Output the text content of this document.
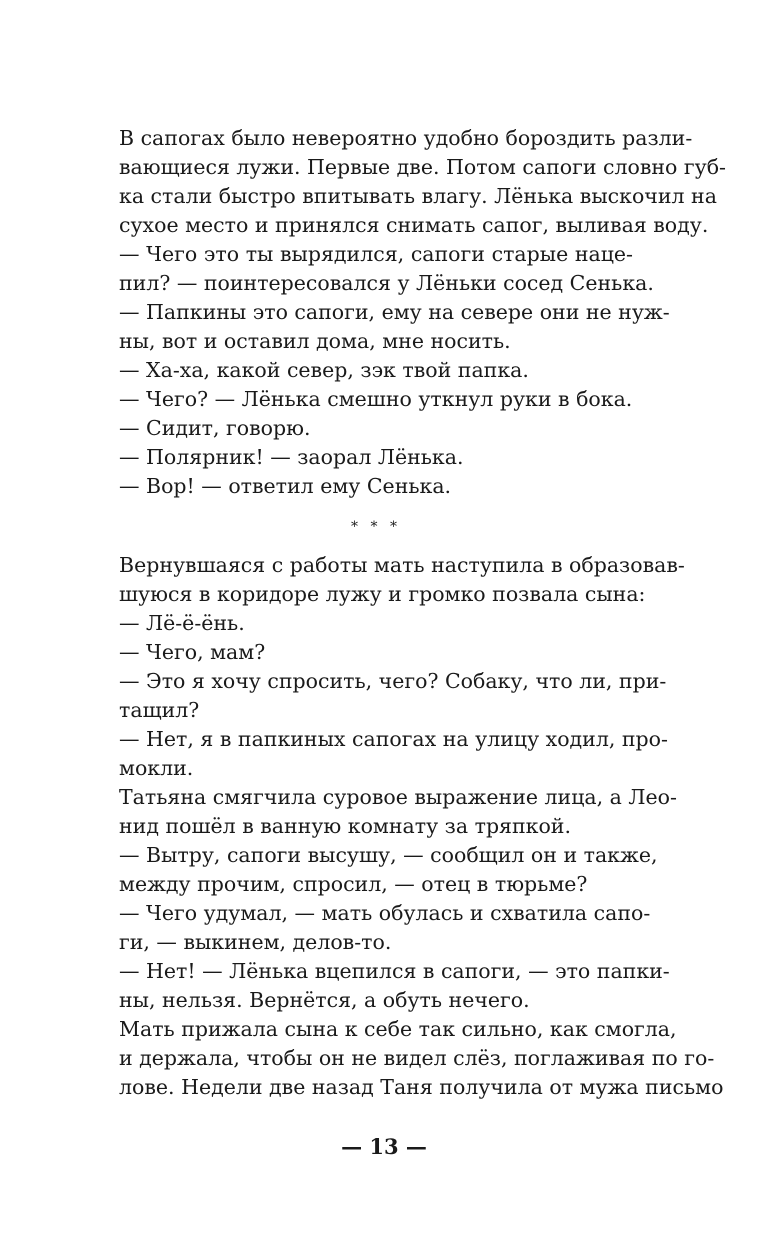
В сапогах было невероятно удобно бороздить разли-
вающиеся лужи. Первые две. Потом сапоги словно губ-
ка стали быстро впитывать влагу. Лёнька выскочил на
сухое место и принялся снимать сапог, выливая воду.
— Чего это ты вырядился, сапоги старые наце-
пил? — поинтересовался у Лёньки сосед Сенька.
— Папкины это сапоги, ему на севере они не нуж-
ны, вот и оставил дома, мне носить.
— Ха-ха, какой север, зэк твой папка.
— Чего? — Лёнька смешно уткнул руки в бока.
— Сидит, говорю.
— Полярник! — заорал Лёнька.
— Вор! — ответил ему Сенька.
* * *
Вернувшаяся с работы мать наступила в образовав-
шуюся в коридоре лужу и громко позвала сына:
— Лё-ё-ёнь.
— Чего, мам?
— Это я хочу спросить, чего? Собаку, что ли, при-
тащил?
— Нет, я в папкиных сапогах на улицу ходил, про-
мокли.
Татьяна смягчила суровое выражение лица, а Лео-
нид пошёл в ванную комнату за тряпкой.
— Вытру, сапоги высушу, — сообщил он и также,
между прочим, спросил, — отец в тюрьме?
— Чего удумал, — мать обулась и схватила сапо-
ги, — выкинем, делов-то.
— Нет! — Лёнька вцепился в сапоги, — это папки-
ны, нельзя. Вернётся, а обуть нечего.
Мать прижала сына к себе так сильно, как смогла,
и держала, чтобы он не видел слёз, поглаживая по го-
лове. Недели две назад Таня получила от мужа письмо
— 13 —
